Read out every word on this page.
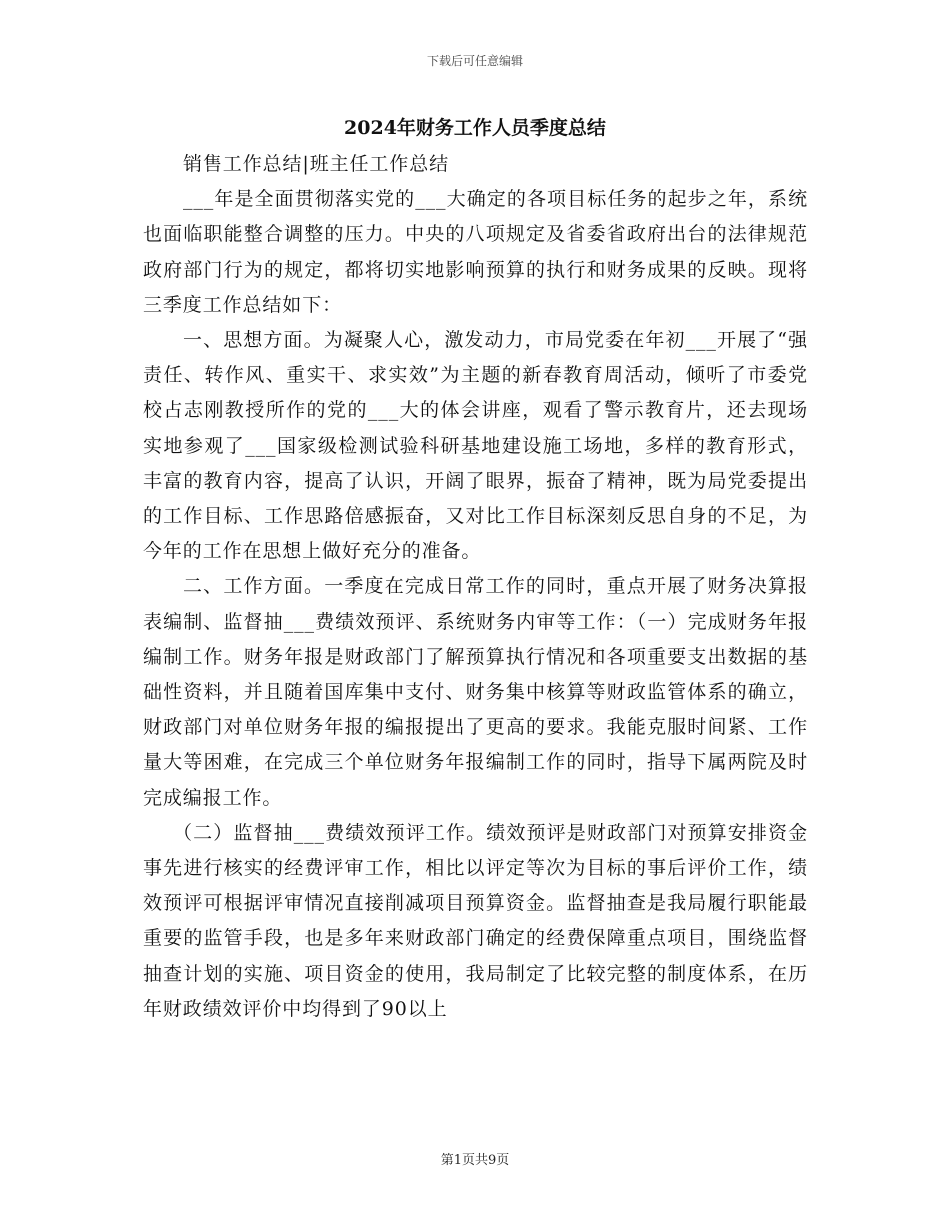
下载后可任意编辑
2024年财务工作人员季度总结

销售工作总结|班主任工作总结

___年是全面贯彻落实党的___大确定的各项目标任务的起步之年，系统也面临职能整合调整的压力。中央的八项规定及省委省政府出台的法律规范政府部门行为的规定，都将切实地影响预算的执行和财务成果的反映。现将三季度工作总结如下：

一、思想方面。为凝聚人心，激发动力，市局党委在年初___开展了“强责任、转作风、重实干、求实效”为主题的新春教育周活动，倾听了市委党校占志刚教授所作的党的___大的体会讲座，观看了警示教育片，还去现场实地参观了___国家级检测试验科研基地建设施工场地，多样的教育形式，丰富的教育内容，提高了认识，开阔了眼界，振奋了精神，既为局党委提出的工作目标、工作思路倍感振奋，又对比工作目标深刻反思自身的不足，为今年的工作在思想上做好充分的准备。

二、工作方面。一季度在完成日常工作的同时，重点开展了财务决算报表编制、监督抽___费绩效预评、系统财务内审等工作：（一）完成财务年报编制工作。财务年报是财政部门了解预算执行情况和各项重要支出数据的基础性资料，并且随着国库集中支付、财务集中核算等财政监管体系的确立，财政部门对单位财务年报的编报提出了更高的要求。我能克服时间紧、工作量大等困难，在完成三个单位财务年报编制工作的同时，指导下属两院及时完成编报工作。

（二）监督抽___费绩效预评工作。绩效预评是财政部门对预算安排资金事先进行核实的经费评审工作，相比以评定等次为目标的事后评价工作，绩效预评可根据评审情况直接削减项目预算资金。监督抽查是我局履行职能最重要的监管手段，也是多年来财政部门确定的经费保障重点项目，围绕监督抽查计划的实施、项目资金的使用，我局制定了比较完整的制度体系，在历年财政绩效评价中均得到了90以上

第1页共9页
